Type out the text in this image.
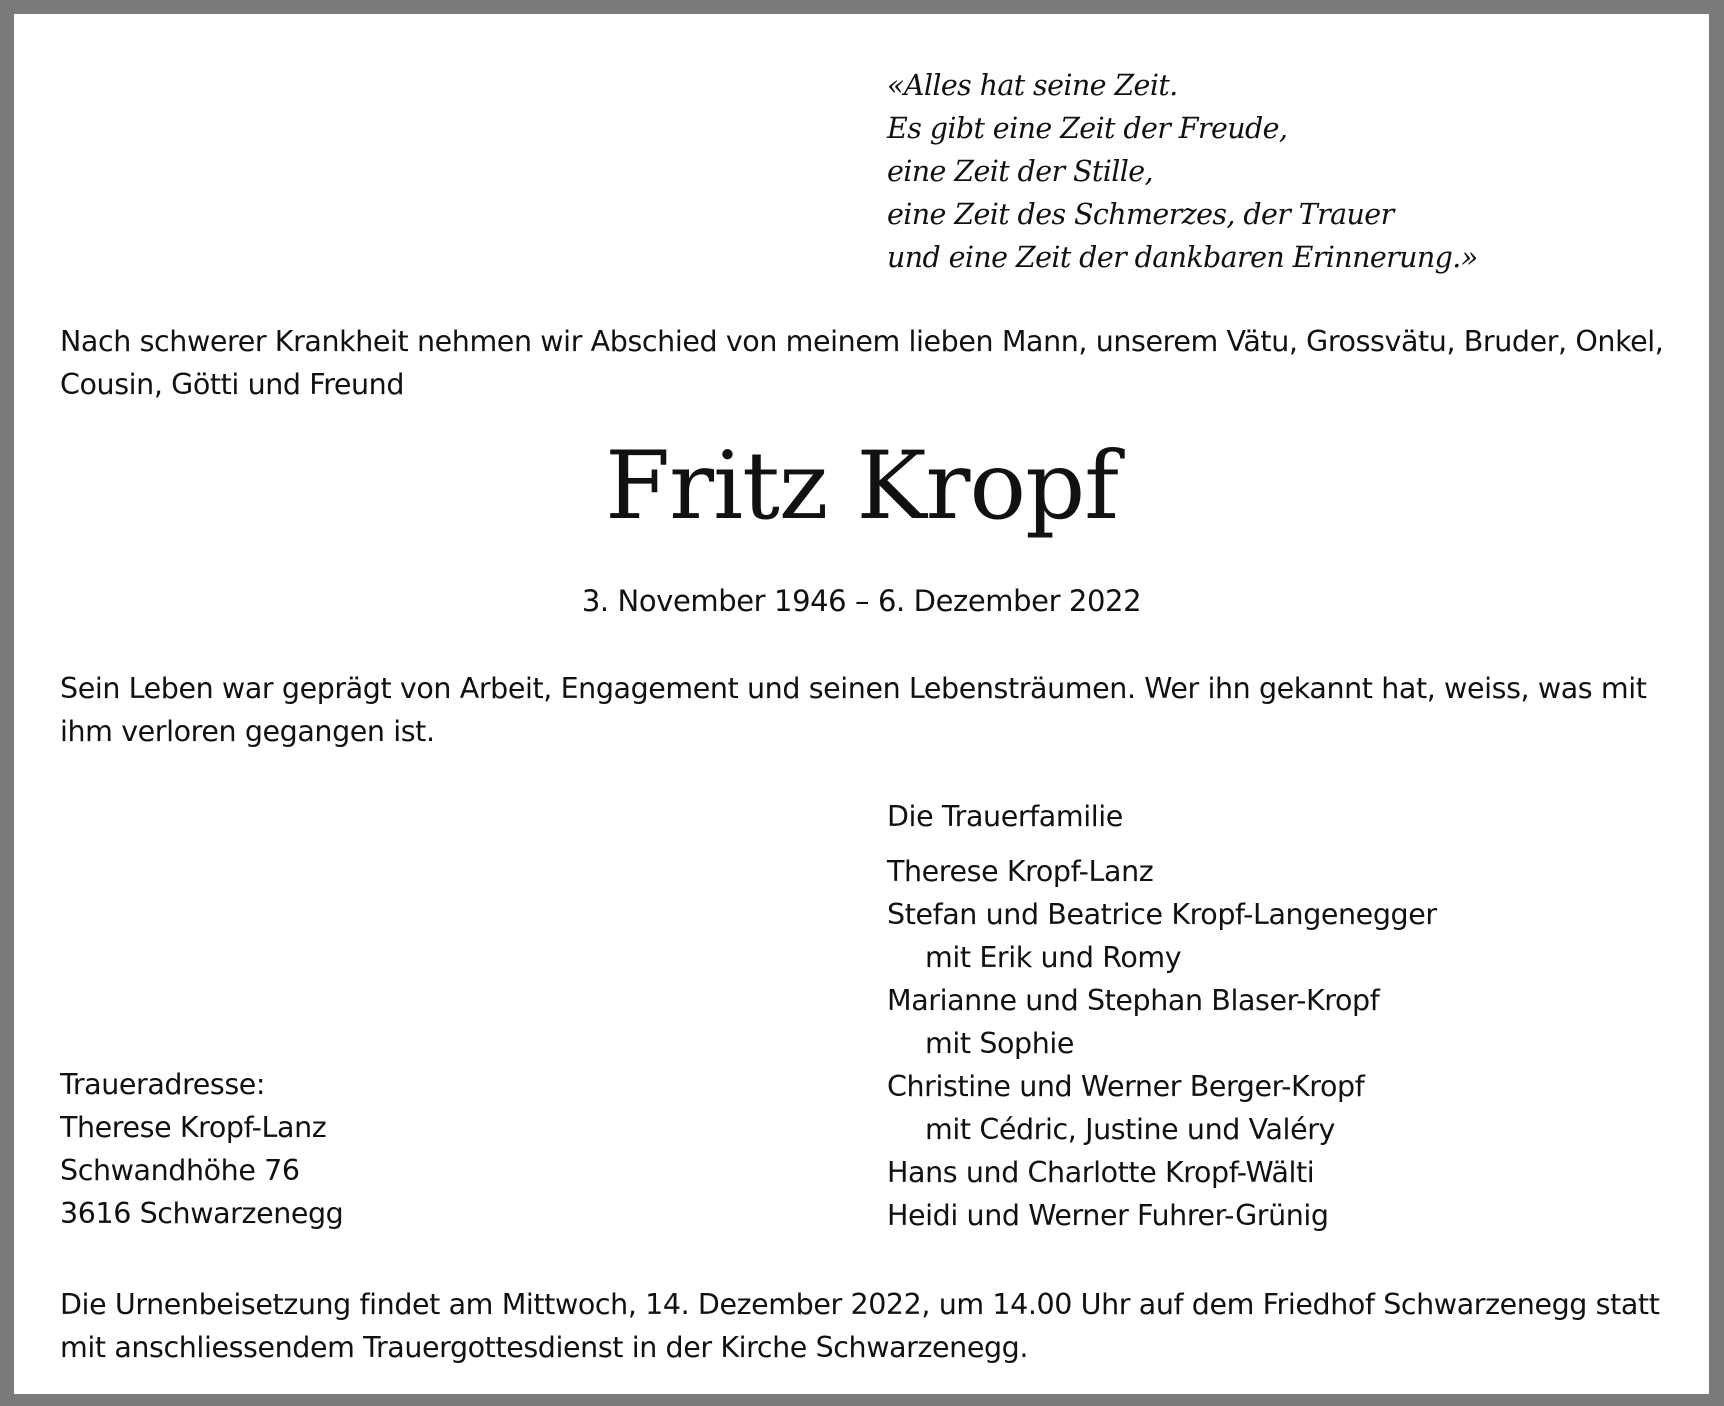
«Alles hat seine Zeit.
Es gibt eine Zeit der Freude,
eine Zeit der Stille,
eine Zeit des Schmerzes, der Trauer
und eine Zeit der dankbaren Erinnerung.»
Nach schwerer Krankheit nehmen wir Abschied von meinem lieben Mann, unserem Vätu, Grossvätu, Bruder, Onkel, Cousin, Götti und Freund
Fritz Kropf
3. November 1946 – 6. Dezember 2022
Sein Leben war geprägt von Arbeit, Engagement und seinen Lebensträumen. Wer ihn gekannt hat, weiss, was mit ihm verloren gegangen ist.
Die Trauerfamilie
Therese Kropf-Lanz
Stefan und Beatrice Kropf-Langenegger
mit Erik und Romy
Marianne und Stephan Blaser-Kropf
mit Sophie
Christine und Werner Berger-Kropf
mit Cédric, Justine und Valéry
Hans und Charlotte Kropf-Wälti
Heidi und Werner Fuhrer-Grünig
Traueradresse:
Therese Kropf-Lanz
Schwandhöhe 76
3616 Schwarzenegg
Die Urnenbeisetzung findet am Mittwoch, 14. Dezember 2022, um 14.00 Uhr auf dem Friedhof Schwarzenegg statt mit anschliessendem Trauergottesdienst in der Kirche Schwarzenegg.
